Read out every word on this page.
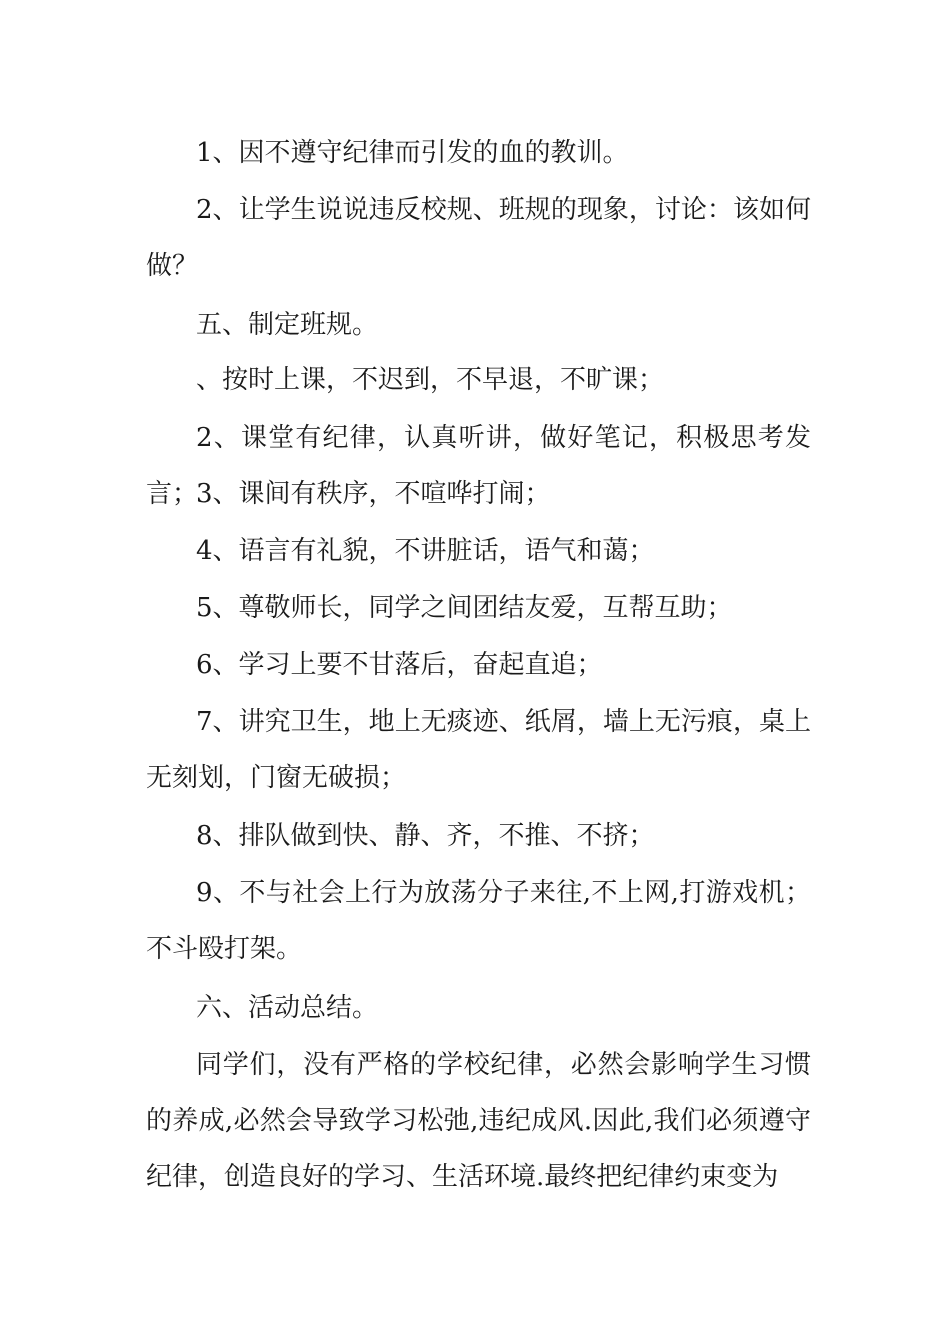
1、因不遵守纪律而引发的血的教训。

2、让学生说说违反校规、班规的现象，讨论：该如何做？

五、制定班规。

、按时上课，不迟到，不早退，不旷课；

2、课堂有纪律，认真听讲，做好笔记，积极思考发言；

3、课间有秩序，不喧哗打闹；

4、语言有礼貌，不讲脏话，语气和蔼；

5、尊敬师长，同学之间团结友爱，互帮互助；

6、学习上要不甘落后，奋起直追；

7、讲究卫生，地上无痰迹、纸屑，墙上无污痕，桌上无刻划，门窗无破损；

8、排队做到快、静、齐，不推、不挤；

9、不与社会上行为放荡分子来往,不上网,打游戏机；不斗殴打架。

六、活动总结。

同学们，没有严格的学校纪律，必然会影响学生习惯的养成,必然会导致学习松弛,违纪成风.因此,我们必须遵守纪律，创造良好的学习、生活环境.最终把纪律约束变为
